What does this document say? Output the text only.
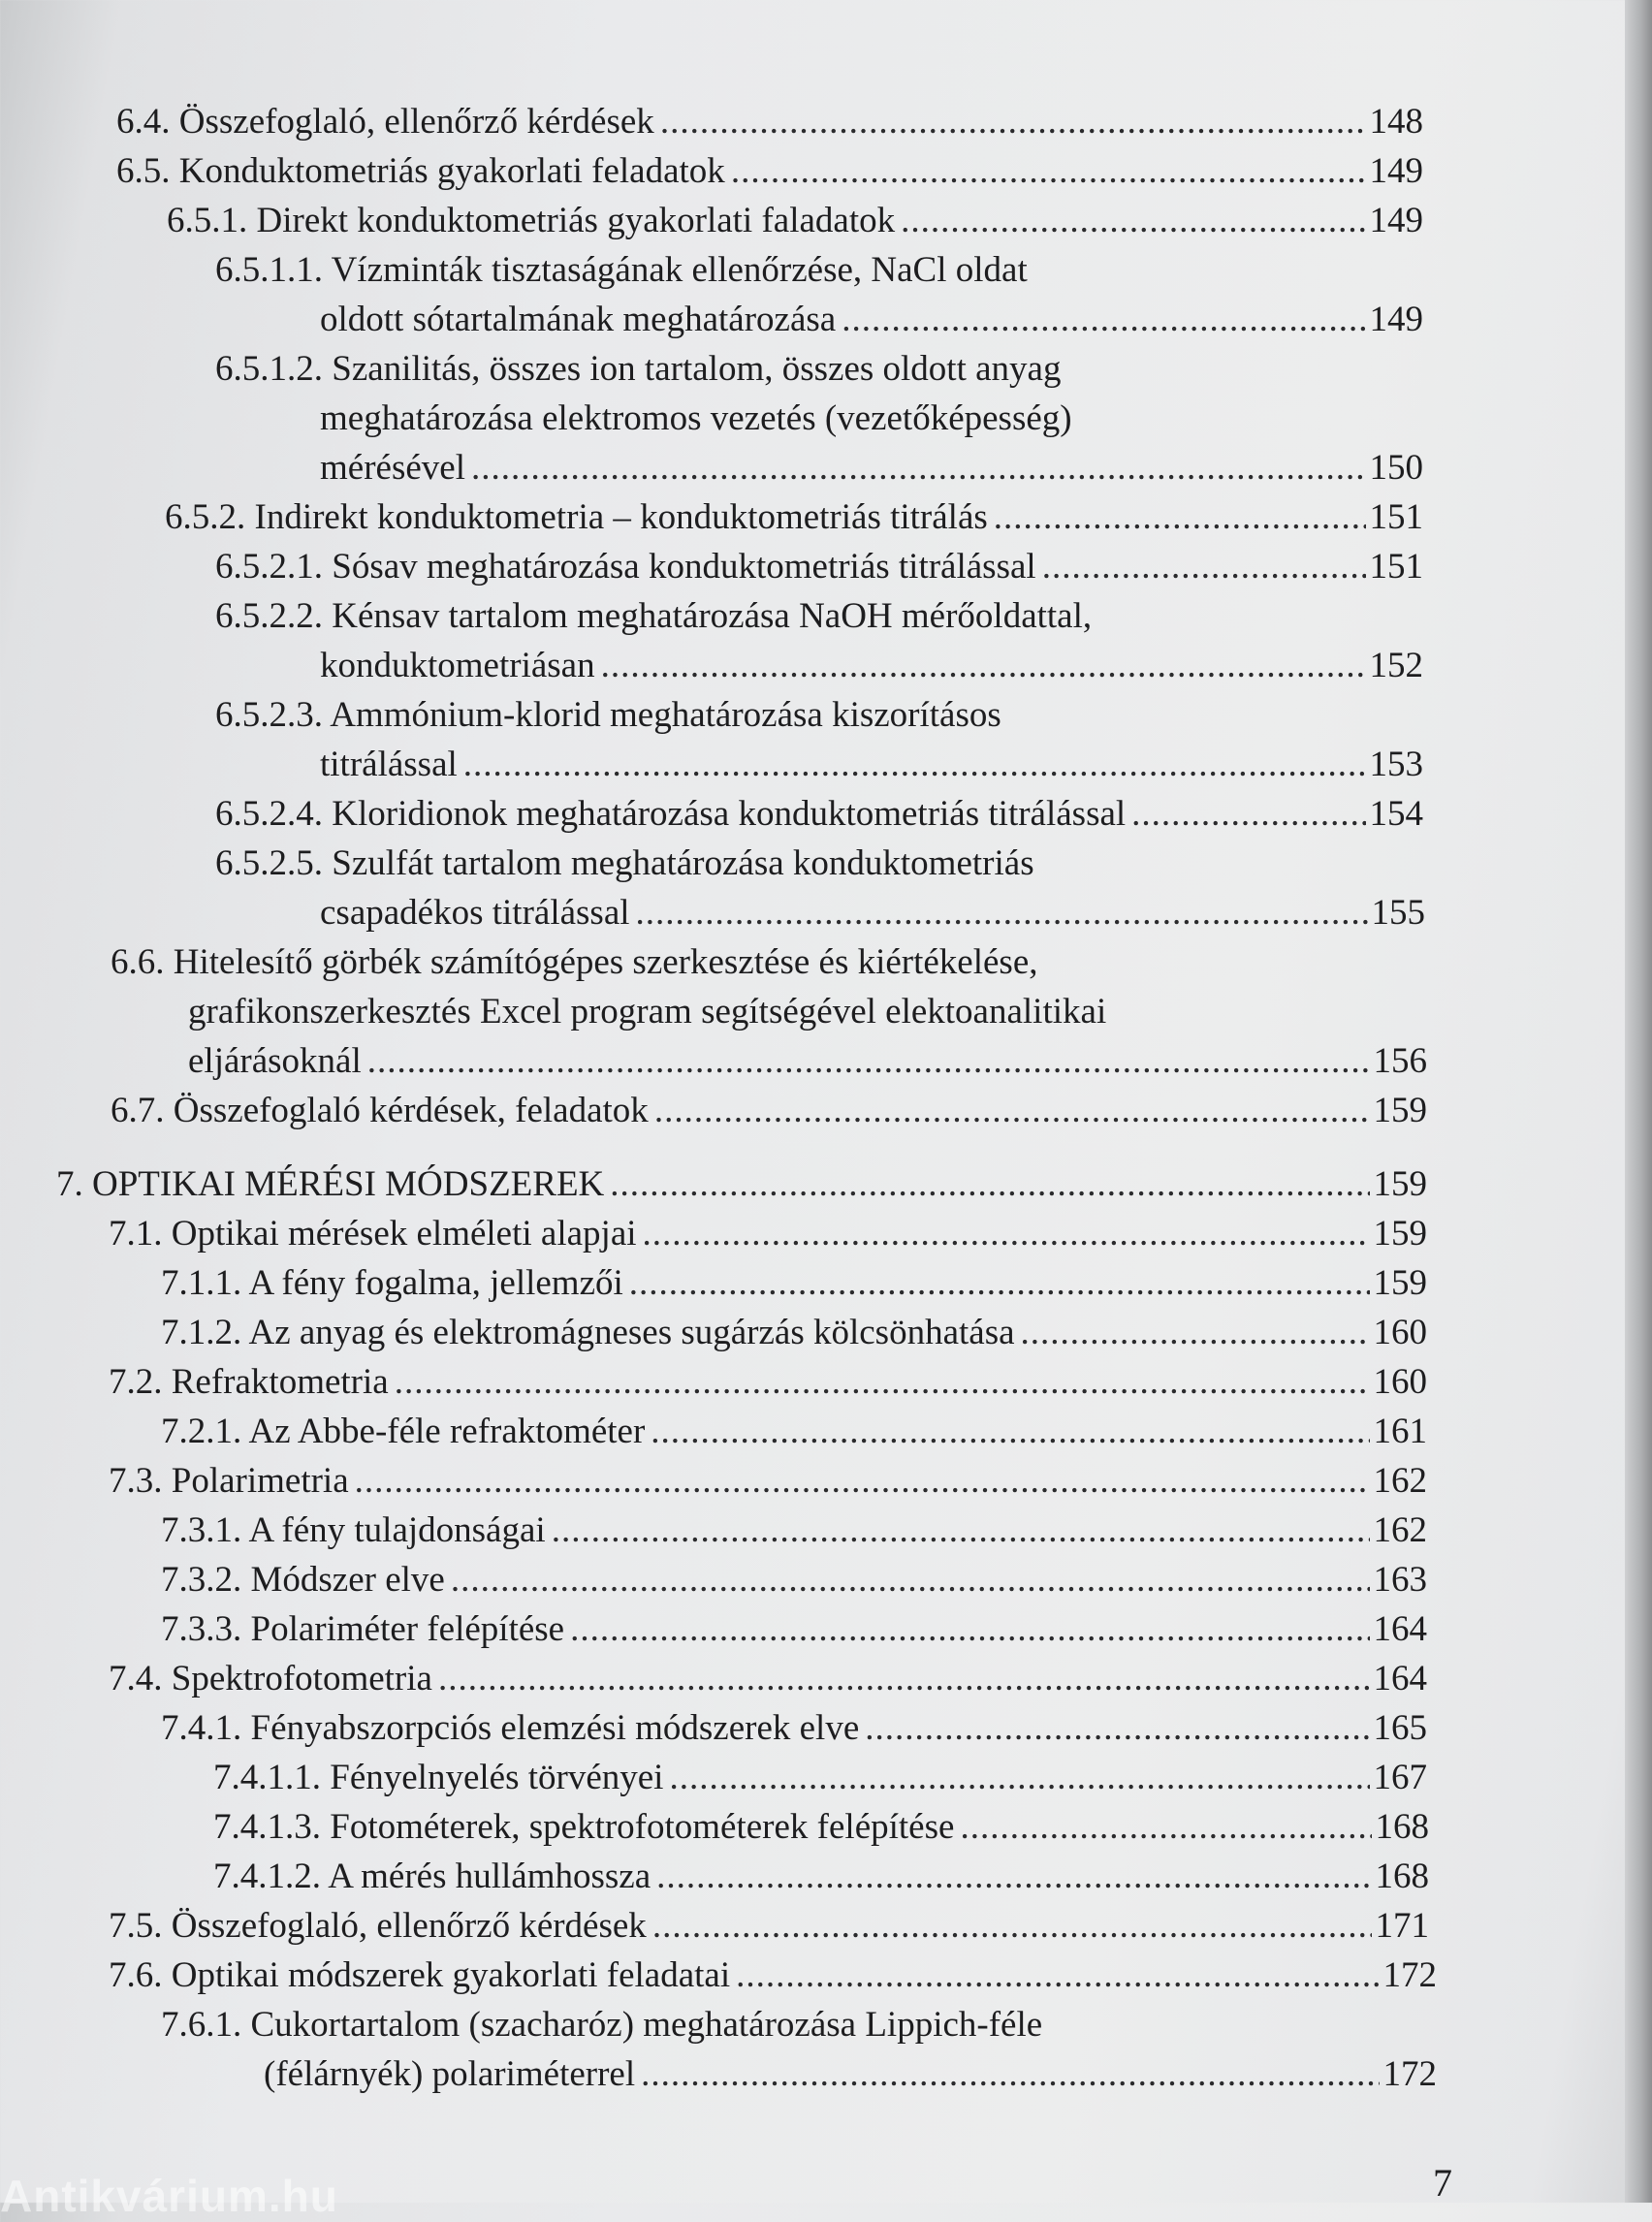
6.4. Összefoglaló, ellenőrző kérdések .....	148
6.5. Konduktometriás gyakorlati feladatok .....	149
6.5.1. Direkt konduktometriás gyakorlati faladatok .....	149
6.5.1.1. Vízminták tisztaságának ellenőrzése, NaCl oldat
oldott sótartalmának meghatározása .....	149
6.5.1.2. Szanilitás, összes ion tartalom, összes oldott anyag
meghatározása elektromos vezetés (vezetőképesség)
mérésével .....	150
6.5.2. Indirekt konduktometria – konduktometriás titrálás .....	151
6.5.2.1. Sósav meghatározása konduktometriás titrálással .....	151
6.5.2.2. Kénsav tartalom meghatározása NaOH mérőoldattal,
konduktometriásan .....	152
6.5.2.3. Ammónium-klorid meghatározása kiszorításos
titrálással .....	153
6.5.2.4. Kloridionok meghatározása konduktometriás titrálással .....	154
6.5.2.5. Szulfát tartalom meghatározása konduktometriás
csapadékos titrálással .....	155
6.6. Hitelesítő görbék számítógépes szerkesztése és kiértékelése,
grafikonszerkesztés Excel program segítségével elektoanalitikai
eljárásoknál .....	156
6.7. Összefoglaló kérdések, feladatok .....	159
7. OPTIKAI MÉRÉSI MÓDSZEREK .....	159
7.1. Optikai mérések elméleti alapjai .....	159
7.1.1. A fény fogalma, jellemzői .....	159
7.1.2. Az anyag és elektromágneses sugárzás kölcsönhatása .....	160
7.2. Refraktometria .....	160
7.2.1. Az Abbe-féle refraktométer .....	161
7.3. Polarimetria .....	162
7.3.1. A fény tulajdonságai .....	162
7.3.2. Módszer elve .....	163
7.3.3. Polariméter felépítése .....	164
7.4. Spektrofotometria .....	164
7.4.1. Fényabszorpciós elemzési módszerek elve .....	165
7.4.1.1. Fényelnyelés törvényei .....	167
7.4.1.3. Fotométerek, spektrofotométerek felépítése .....	168
7.4.1.2. A mérés hullámhossza .....	168
7.5. Összefoglaló, ellenőrző kérdések .....	171
7.6. Optikai módszerek gyakorlati feladatai .....	172
7.6.1. Cukortartalom (szacharóz) meghatározása Lippich-féle
(félárnyék) polariméterrel .....	172
7
Antikvárium.hu
